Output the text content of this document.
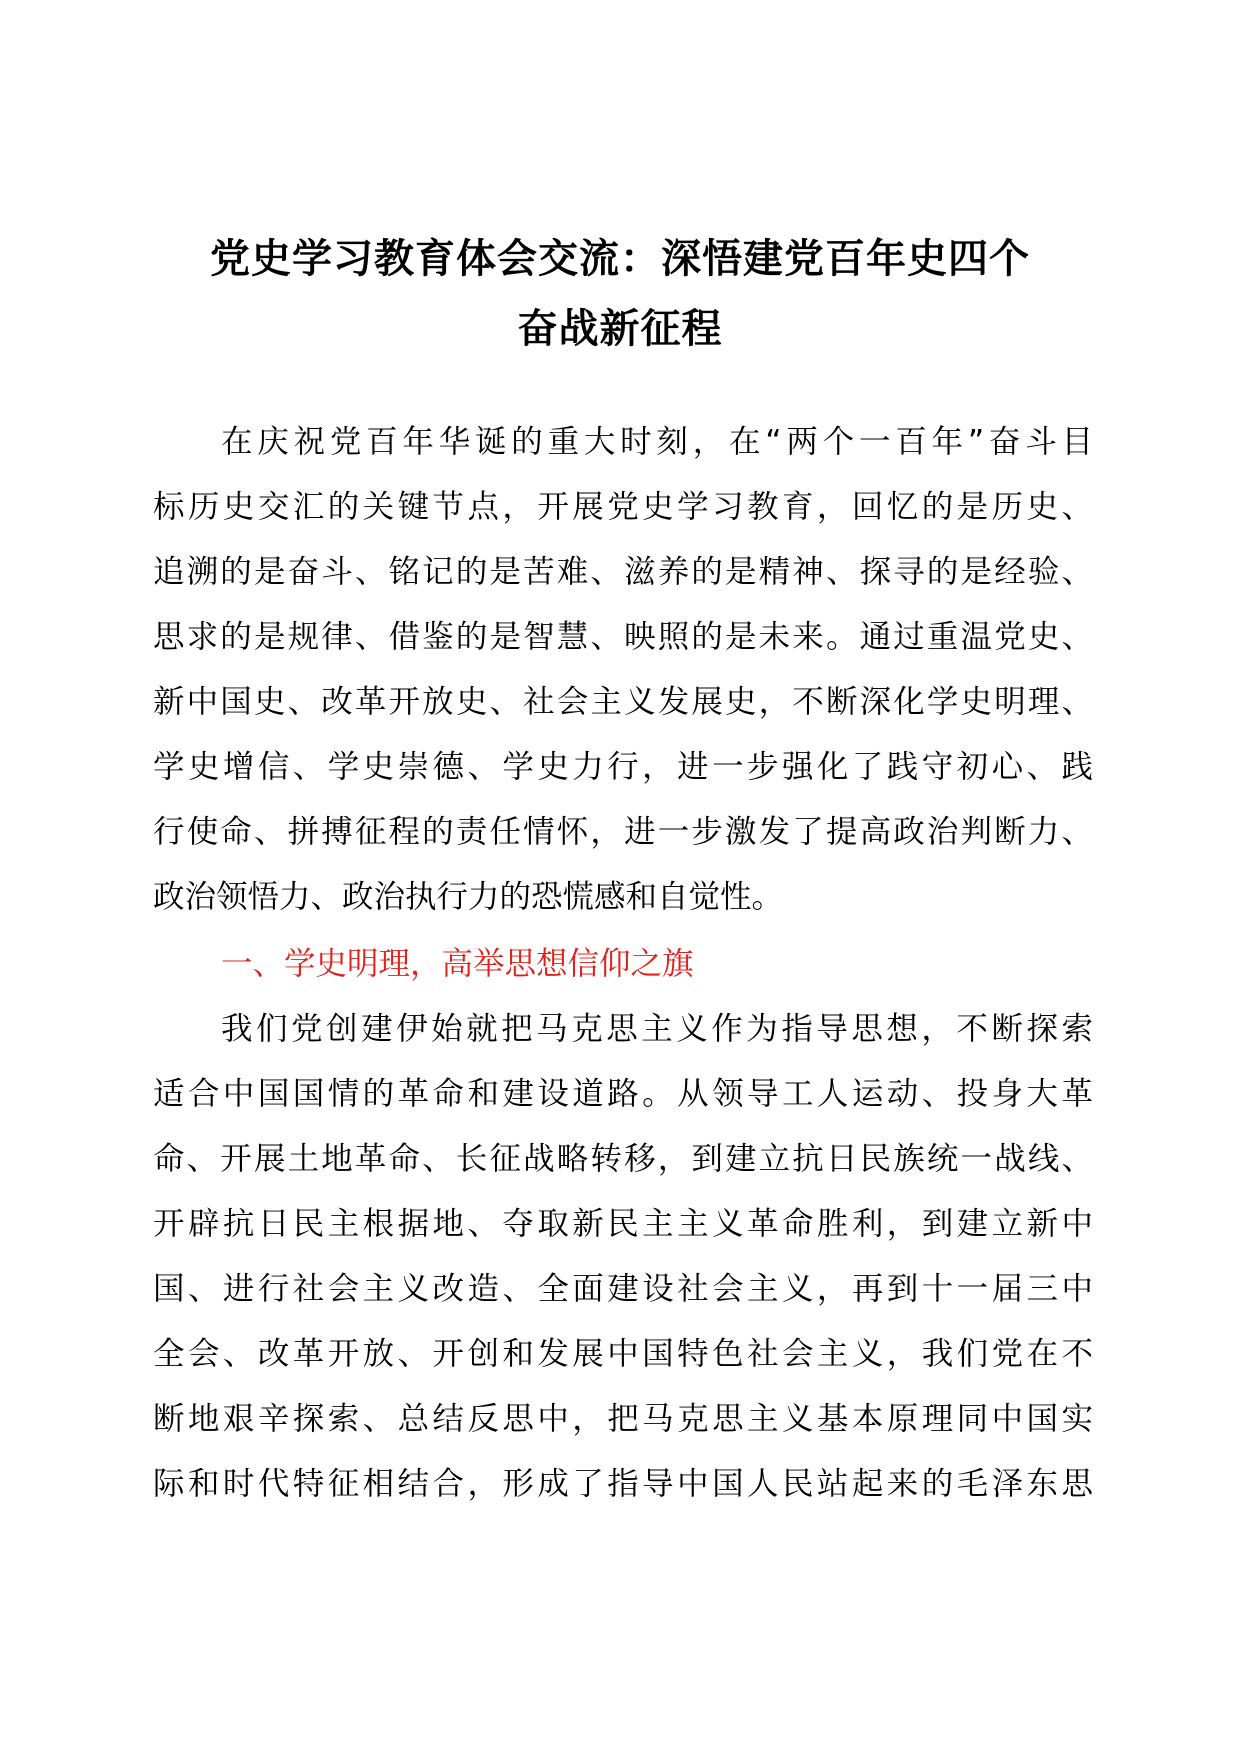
党史学习教育体会交流：深悟建党百年史四个
奋战新征程
在庆祝党百年华诞的重大时刻，在“两个一百年”奋斗目
标历史交汇的关键节点，开展党史学习教育，回忆的是历史、
追溯的是奋斗、铭记的是苦难、滋养的是精神、探寻的是经验、
思求的是规律、借鉴的是智慧、映照的是未来。通过重温党史、
新中国史、改革开放史、社会主义发展史，不断深化学史明理、
学史增信、学史崇德、学史力行，进一步强化了践守初心、践
行使命、拼搏征程的责任情怀，进一步激发了提高政治判断力、
政治领悟力、政治执行力的恐慌感和自觉性。
一、学史明理，高举思想信仰之旗
我们党创建伊始就把马克思主义作为指导思想，不断探索
适合中国国情的革命和建设道路。从领导工人运动、投身大革
命、开展土地革命、长征战略转移，到建立抗日民族统一战线、
开辟抗日民主根据地、夺取新民主主义革命胜利，到建立新中
国、进行社会主义改造、全面建设社会主义，再到十一届三中
全会、改革开放、开创和发展中国特色社会主义，我们党在不
断地艰辛探索、总结反思中，把马克思主义基本原理同中国实
际和时代特征相结合，形成了指导中国人民站起来的毛泽东思
